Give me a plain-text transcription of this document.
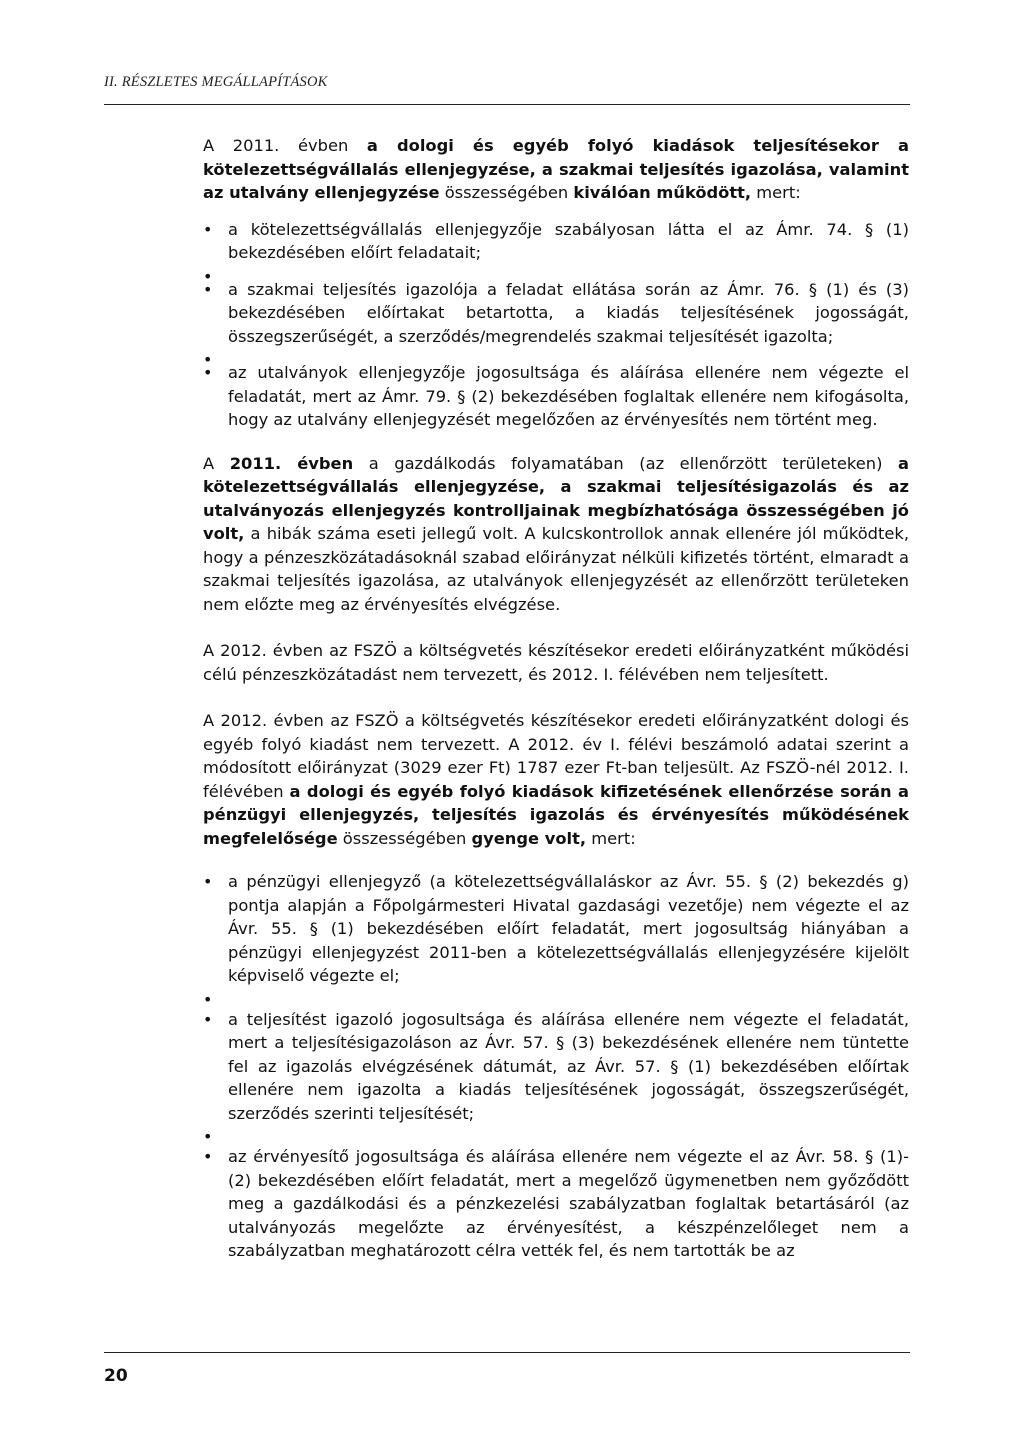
II. RÉSZLETES MEGÁLLAPÍTÁSOK

A 2011. évben a dologi és egyéb folyó kiadások teljesítésekor a kötelezettségvállalás ellenjegyzése, a szakmai teljesítés igazolása, valamint az utalvány ellenjegyzése összességében kiválóan működött, mert:

• a kötelezettségvállalás ellenjegyzője szabályosan látta el az Ámr. 74. § (1) bekezdésében előírt feladatait;
•
• a szakmai teljesítés igazolója a feladat ellátása során az Ámr. 76. § (1) és (3) bekezdésében előírtakat betartotta, a kiadás teljesítésének jogosságát, összegszerűségét, a szerződés/megrendelés szakmai teljesítését igazolta;
•
• az utalványok ellenjegyzője jogosultsága és aláírása ellenére nem végezte el feladatát, mert az Ámr. 79. § (2) bekezdésében foglaltak ellenére nem kifogásolta, hogy az utalvány ellenjegyzését megelőzően az érvényesítés nem történt meg.

A 2011. évben a gazdálkodás folyamatában (az ellenőrzött területeken) a kötelezettségvállalás ellenjegyzése, a szakmai teljesítésigazolás és az utalványozás ellenjegyzés kontrolljainak megbízhatósága összességében jó volt, a hibák száma eseti jellegű volt. A kulcskontrollok annak ellenére jól működtek, hogy a pénzeszközátadásoknál szabad előirányzat nélküli kifizetés történt, elmaradt a szakmai teljesítés igazolása, az utalványok ellenjegyzését az ellenőrzött területeken nem előzte meg az érvényesítés elvégzése.

A 2012. évben az FSZÖ a költségvetés készítésekor eredeti előirányzatként működési célú pénzeszközátadást nem tervezett, és 2012. I. félévében nem teljesített.

A 2012. évben az FSZÖ a költségvetés készítésekor eredeti előirányzatként dologi és egyéb folyó kiadást nem tervezett. A 2012. év I. félévi beszámoló adatai szerint a módosított előirányzat (3029 ezer Ft) 1787 ezer Ft-ban teljesült. Az FSZÖ-nél 2012. I. félévében a dologi és egyéb folyó kiadások kifizetésének ellenőrzése során a pénzügyi ellenjegyzés, teljesítés igazolás és érvényesítés működésének megfelelősége összességében gyenge volt, mert:

• a pénzügyi ellenjegyző (a kötelezettségvállaláskor az Ávr. 55. § (2) bekezdés g) pontja alapján a Főpolgármesteri Hivatal gazdasági vezetője) nem végezte el az Ávr. 55. § (1) bekezdésében előírt feladatát, mert jogosultság hiányában a pénzügyi ellenjegyzést 2011-ben a kötelezettségvállalás ellenjegyzésére kijelölt képviselő végezte el;
•
• a teljesítést igazoló jogosultsága és aláírása ellenére nem végezte el feladatát, mert a teljesítésigazoláson az Ávr. 57. § (3) bekezdésének ellenére nem tüntette fel az igazolás elvégzésének dátumát, az Ávr. 57. § (1) bekezdésében előírtak ellenére nem igazolta a kiadás teljesítésének jogosságát, összegszerűségét, szerződés szerinti teljesítését;
•
• az érvényesítő jogosultsága és aláírása ellenére nem végezte el az Ávr. 58. § (1)-(2) bekezdésében előírt feladatát, mert a megelőző ügymenetben nem győződött meg a gazdálkodási és a pénzkezelési szabályzatban foglaltak betartásáról (az utalványozás megelőzte az érvényesítést, a készpénzelőleget nem a szabályzatban meghatározott célra vették fel, és nem tartották be az
20
